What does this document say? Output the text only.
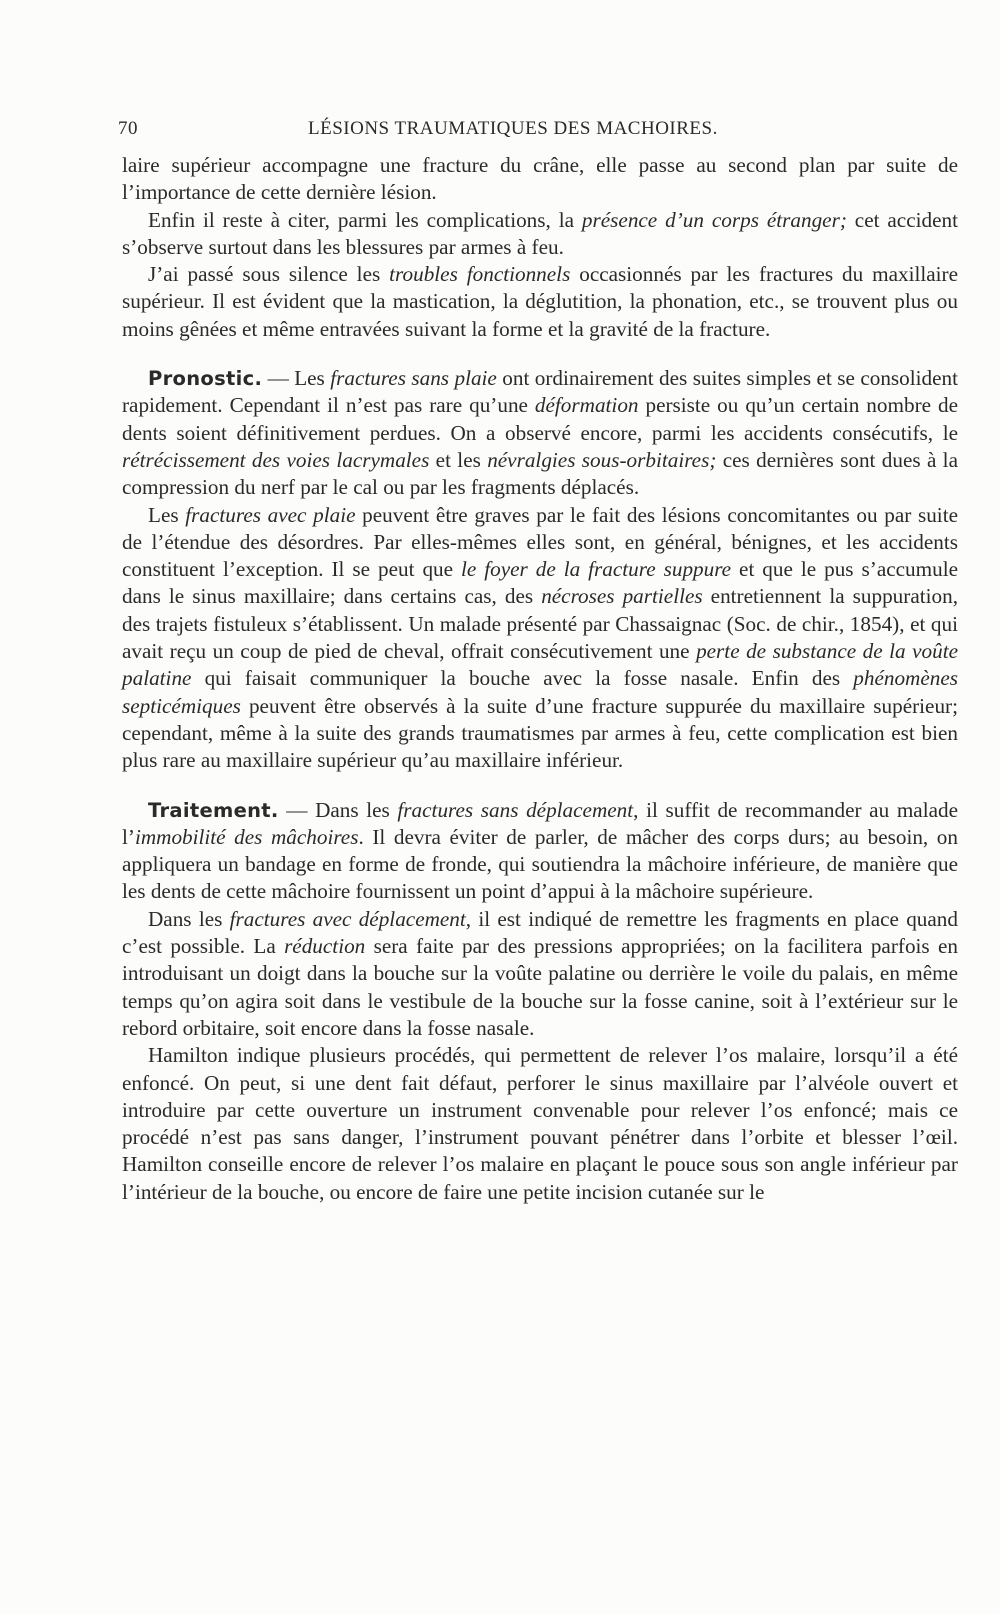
70	LÉSIONS TRAUMATIQUES DES MACHOIRES.

laire supérieur accompagne une fracture du crâne, elle passe au second plan par suite de l’importance de cette dernière lésion.

Enfin il reste à citer, parmi les complications, la présence d’un corps étranger; cet accident s’observe surtout dans les blessures par armes à feu.

J’ai passé sous silence les troubles fonctionnels occasionnés par les fractures du maxillaire supérieur. Il est évident que la mastication, la déglutition, la phonation, etc., se trouvent plus ou moins gênées et même entravées suivant la forme et la gravité de la fracture.

Pronostic. — Les fractures sans plaie ont ordinairement des suites simples et se consolident rapidement. Cependant il n’est pas rare qu’une déformation persiste ou qu’un certain nombre de dents soient définitivement perdues. On a observé encore, parmi les accidents consécutifs, le rétrécissement des voies lacrymales et les névralgies sous-orbitaires; ces dernières sont dues à la compression du nerf par le cal ou par les fragments déplacés.

Les fractures avec plaie peuvent être graves par le fait des lésions concomitantes ou par suite de l’étendue des désordres. Par elles-mêmes elles sont, en général, bénignes, et les accidents constituent l’exception. Il se peut que le foyer de la fracture suppure et que le pus s’accumule dans le sinus maxillaire; dans certains cas, des nécroses partielles entretiennent la suppuration, des trajets fistuleux s’établissent. Un malade présenté par Chassaignac (Soc. de chir., 1854), et qui avait reçu un coup de pied de cheval, offrait consécutivement une perte de substance de la voûte palatine qui faisait communiquer la bouche avec la fosse nasale. Enfin des phénomènes septicémiques peuvent être observés à la suite d’une fracture suppurée du maxillaire supérieur; cependant, même à la suite des grands traumatismes par armes à feu, cette complication est bien plus rare au maxillaire supérieur qu’au maxillaire inférieur.

Traitement. — Dans les fractures sans déplacement, il suffit de recommander au malade l’immobilité des mâchoires. Il devra éviter de parler, de mâcher des corps durs; au besoin, on appliquera un bandage en forme de fronde, qui soutiendra la mâchoire inférieure, de manière que les dents de cette mâchoire fournissent un point d’appui à la mâchoire supérieure.

Dans les fractures avec déplacement, il est indiqué de remettre les fragments en place quand c’est possible. La réduction sera faite par des pressions appropriées; on la facilitera parfois en introduisant un doigt dans la bouche sur la voûte palatine ou derrière le voile du palais, en même temps qu’on agira soit dans le vestibule de la bouche sur la fosse canine, soit à l’extérieur sur le rebord orbitaire, soit encore dans la fosse nasale.

Hamilton indique plusieurs procédés, qui permettent de relever l’os malaire, lorsqu’il a été enfoncé. On peut, si une dent fait défaut, perforer le sinus maxillaire par l’alvéole ouvert et introduire par cette ouverture un instrument convenable pour relever l’os enfoncé; mais ce procédé n’est pas sans danger, l’instrument pouvant pénétrer dans l’orbite et blesser l’œil. Hamilton conseille encore de relever l’os malaire en plaçant le pouce sous son angle inférieur par l’intérieur de la bouche, ou encore de faire une petite incision cutanée sur le
